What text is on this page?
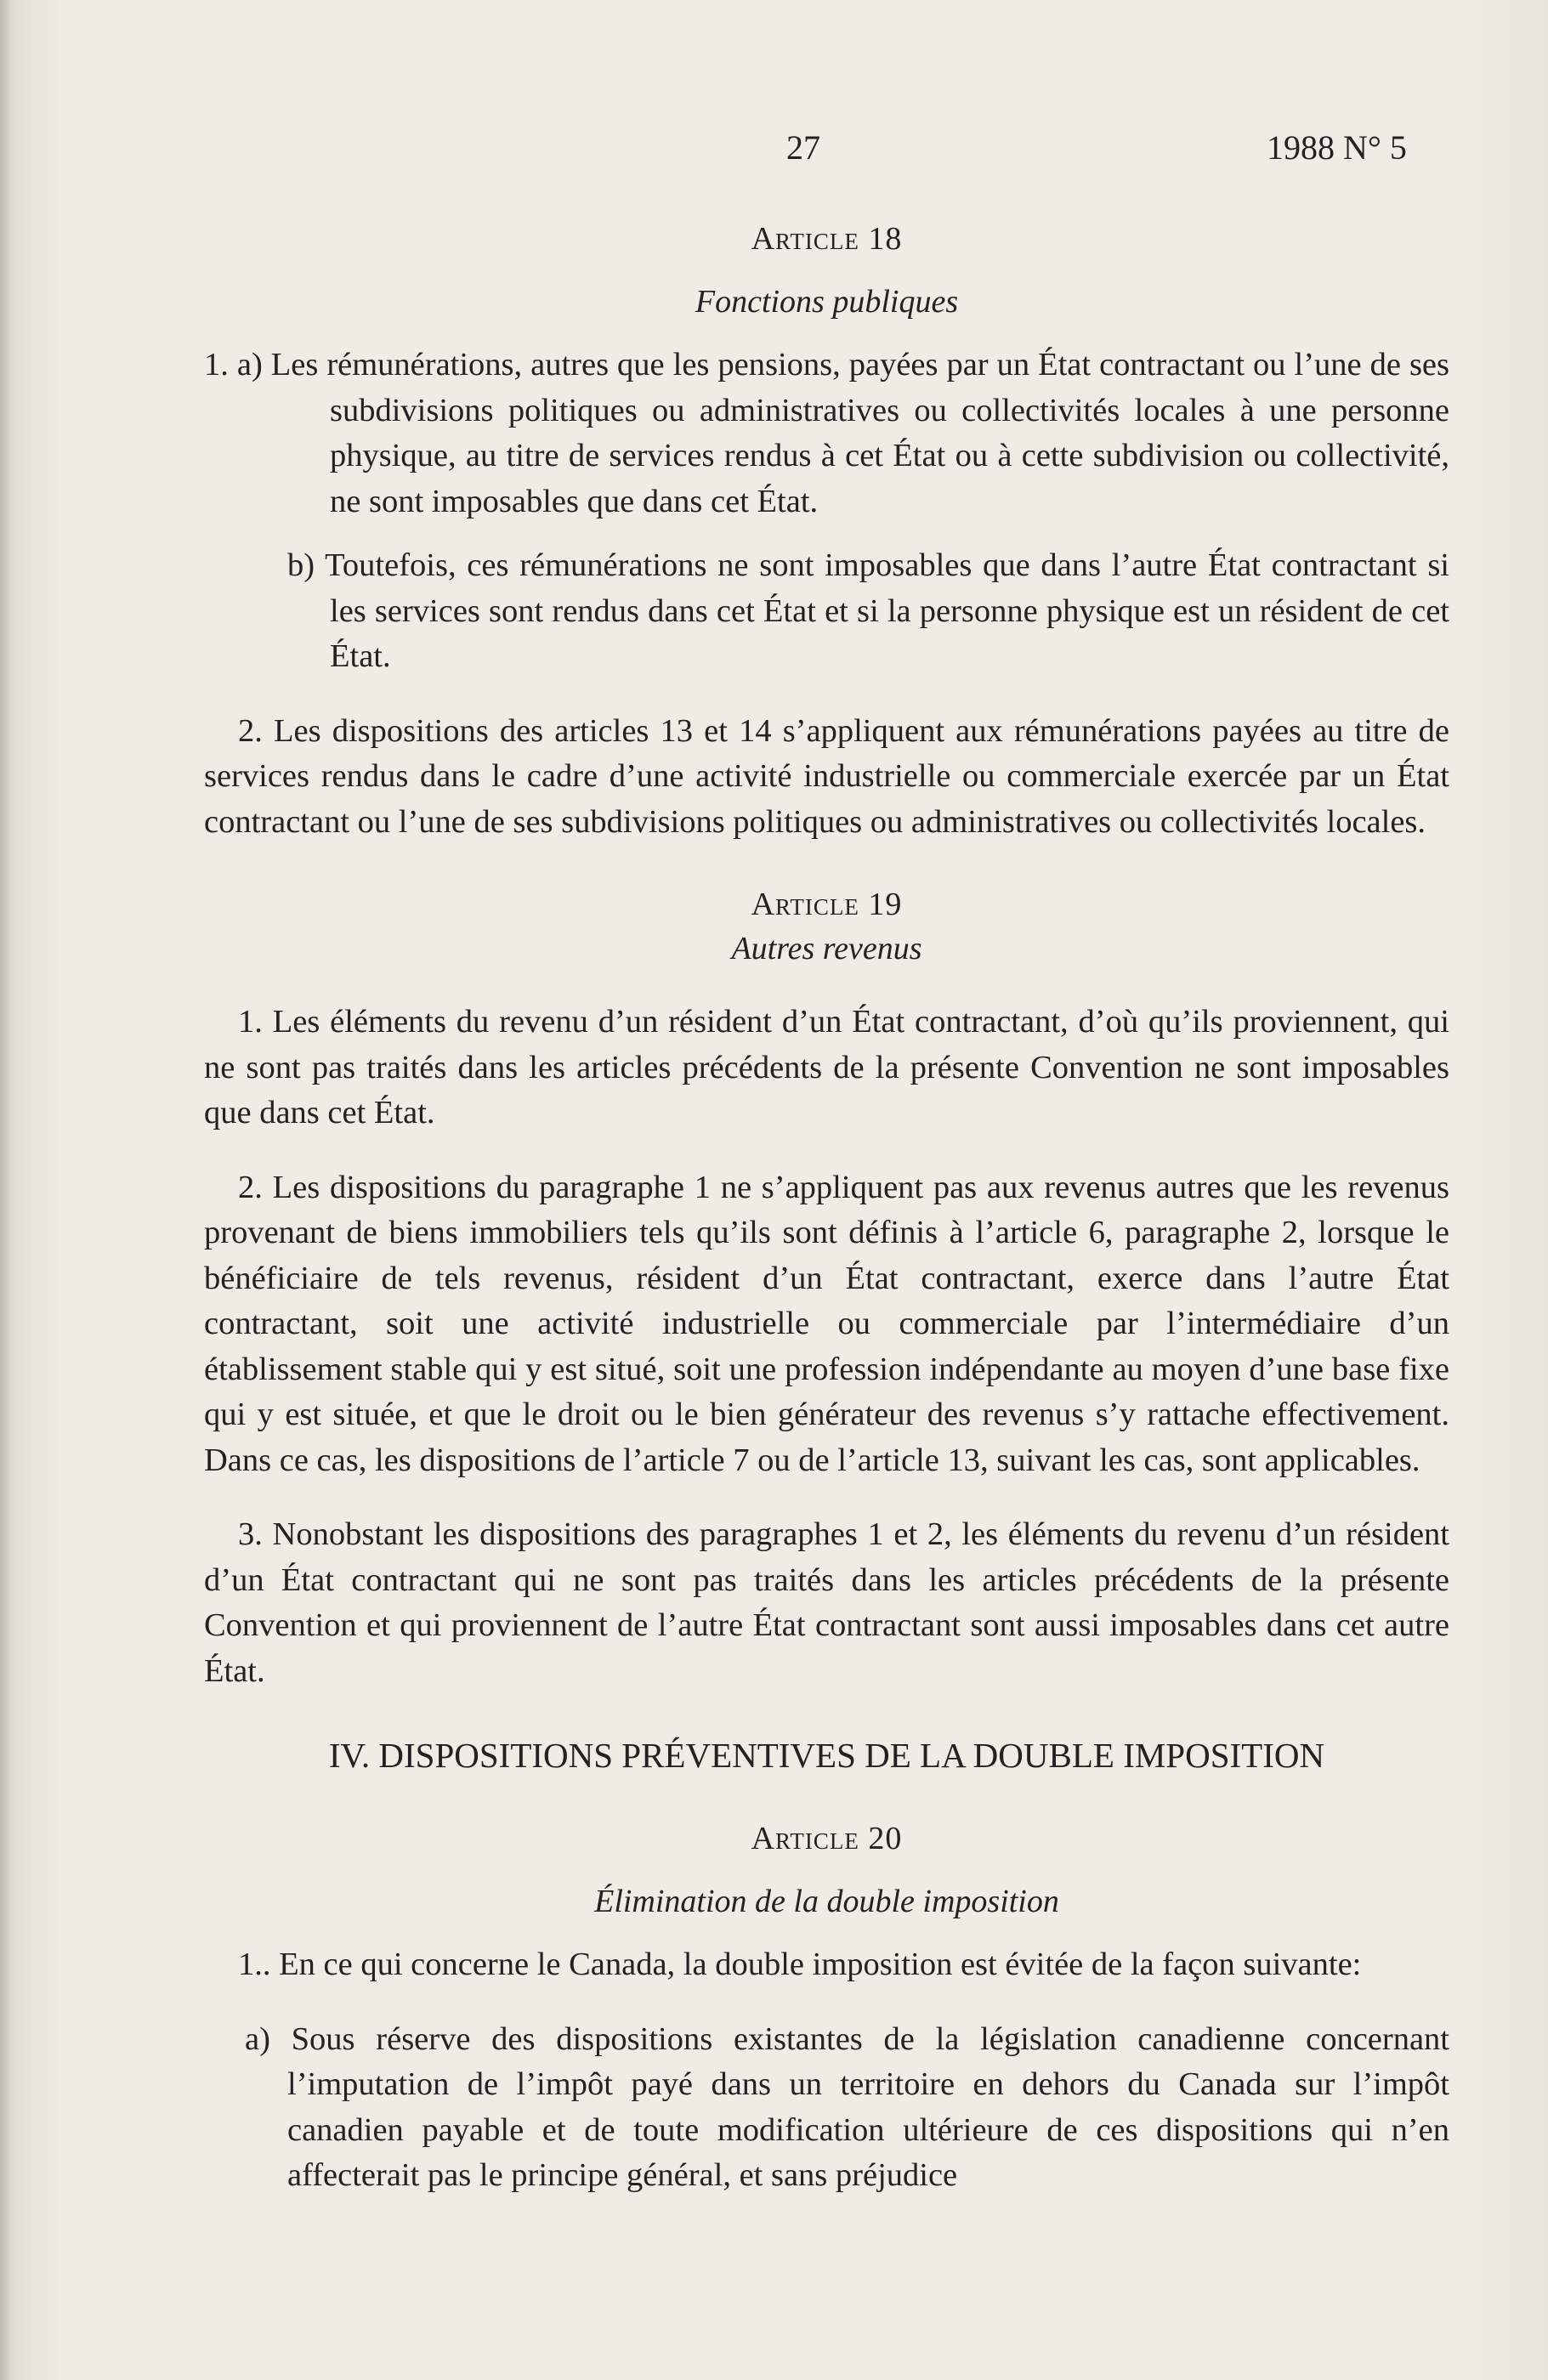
27	1988 N° 5
Article 18
Fonctions publiques

1. a) Les rémunérations, autres que les pensions, payées par un État contractant ou l’une de ses subdivisions politiques ou administratives ou collectivités locales à une personne physique, au titre de services rendus à cet État ou à cette subdivision ou collectivité, ne sont imposables que dans cet État.

b) Toutefois, ces rémunérations ne sont imposables que dans l’autre État contractant si les services sont rendus dans cet État et si la personne physique est un résident de cet État.

2. Les dispositions des articles 13 et 14 s’appliquent aux rémunérations payées au titre de services rendus dans le cadre d’une activité industrielle ou commerciale exercée par un État contractant ou l’une de ses subdivisions politiques ou administratives ou collectivités locales.

Article 19
Autres revenus

1. Les éléments du revenu d’un résident d’un État contractant, d’où qu’ils proviennent, qui ne sont pas traités dans les articles précédents de la présente Convention ne sont imposables que dans cet État.

2. Les dispositions du paragraphe 1 ne s’appliquent pas aux revenus autres que les revenus provenant de biens immobiliers tels qu’ils sont définis à l’article 6, paragraphe 2, lorsque le bénéficiaire de tels revenus, résident d’un État contractant, exerce dans l’autre État contractant, soit une activité industrielle ou commerciale par l’intermédiaire d’un établissement stable qui y est situé, soit une profession indépendante au moyen d’une base fixe qui y est située, et que le droit ou le bien générateur des revenus s’y rattache effectivement. Dans ce cas, les dispositions de l’article 7 ou de l’article 13, suivant les cas, sont applicables.

3. Nonobstant les dispositions des paragraphes 1 et 2, les éléments du revenu d’un résident d’un État contractant qui ne sont pas traités dans les articles précédents de la présente Convention et qui proviennent de l’autre État contractant sont aussi imposables dans cet autre État.

IV. DISPOSITIONS PRÉVENTIVES DE LA DOUBLE IMPOSITION
Article 20
Élimination de la double imposition

1.. En ce qui concerne le Canada, la double imposition est évitée de la façon suivante:

a) Sous réserve des dispositions existantes de la législation canadienne concernant l’imputation de l’impôt payé dans un territoire en dehors du Canada sur l’impôt canadien payable et de toute modification ultérieure de ces dispositions qui n’en affecterait pas le principe général, et sans préjudice
